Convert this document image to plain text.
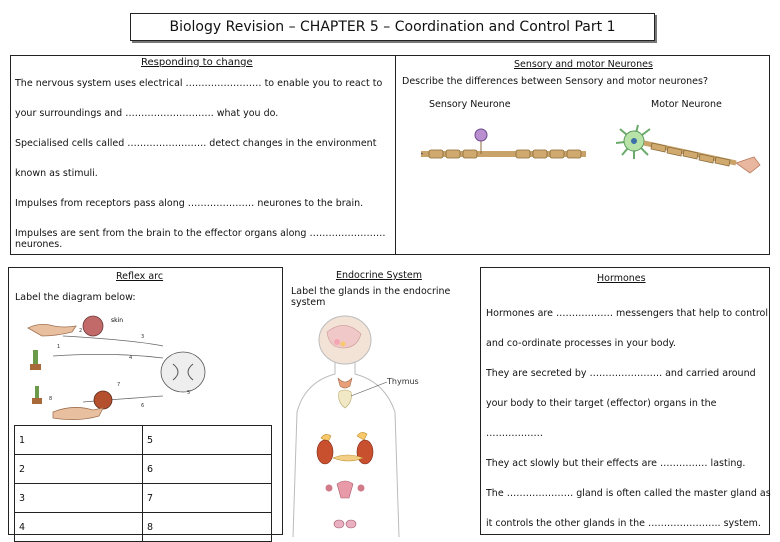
Biology Revision – CHAPTER 5 – Coordination and Control Part 1
Responding to change
The nervous system uses electrical …………………… to enable you to react to
your surroundings and ………………………. what you do.
Specialised cells called ……………………. detect changes in the environment
known as stimuli.
Impulses from receptors pass along ………………… neurones to the brain.
Impulses are sent from the brain to the effector organs along ……………………
neurones.
Sensory and motor Neurones
Describe the differences between Sensory and motor neurones?
Sensory Neurone	Motor Neurone
Reflex arc
Label the diagram below:
skin
1
2
3
4
5
6
7
8
1	5
2	6
3	7
4	8
Endocrine System
Label the glands in the endocrine
system
Thymus
Hormones
Hormones are ……………… messengers that help to control
and co-ordinate processes in your body.
They are secreted by ………………….. and carried around
your body to their target (effector) organs in the
………………
They act slowly but their effects are …………… lasting.
The ………………… gland is often called the master gland as
it controls the other glands in the ………………….. system.
